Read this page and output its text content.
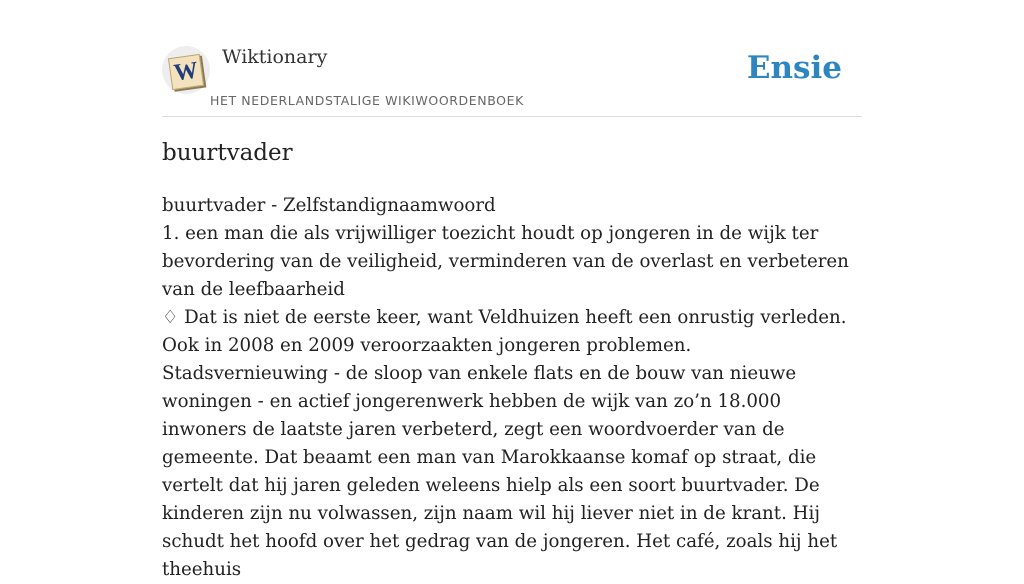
W
Wiktionary
HET NEDERLANDSTALIGE WIKIWOORDENBOEK
Ensie
buurtvader

buurtvader - Zelfstandignaamwoord

1. een man die als vrijwilliger toezicht houdt op jongeren in de wijk ter bevordering van de veiligheid, verminderen van de overlast en verbeteren van de leefbaarheid

♢ Dat is niet de eerste keer, want Veldhuizen heeft een onrustig verleden. Ook in 2008 en 2009 veroorzaakten jongeren problemen. Stadsvernieuwing - de sloop van enkele flats en de bouw van nieuwe woningen - en actief jongerenwerk hebben de wijk van zo’n 18.000 inwoners de laatste jaren verbeterd, zegt een woordvoerder van de gemeente. Dat beaamt een man van Marokkaanse komaf op straat, die vertelt dat hij jaren geleden weleens hielp als een soort buurtvader. De kinderen zijn nu volwassen, zijn naam wil hij liever niet in de krant. Hij schudt het hoofd over het gedrag van de jongeren. Het café, zoals hij het theehuis
